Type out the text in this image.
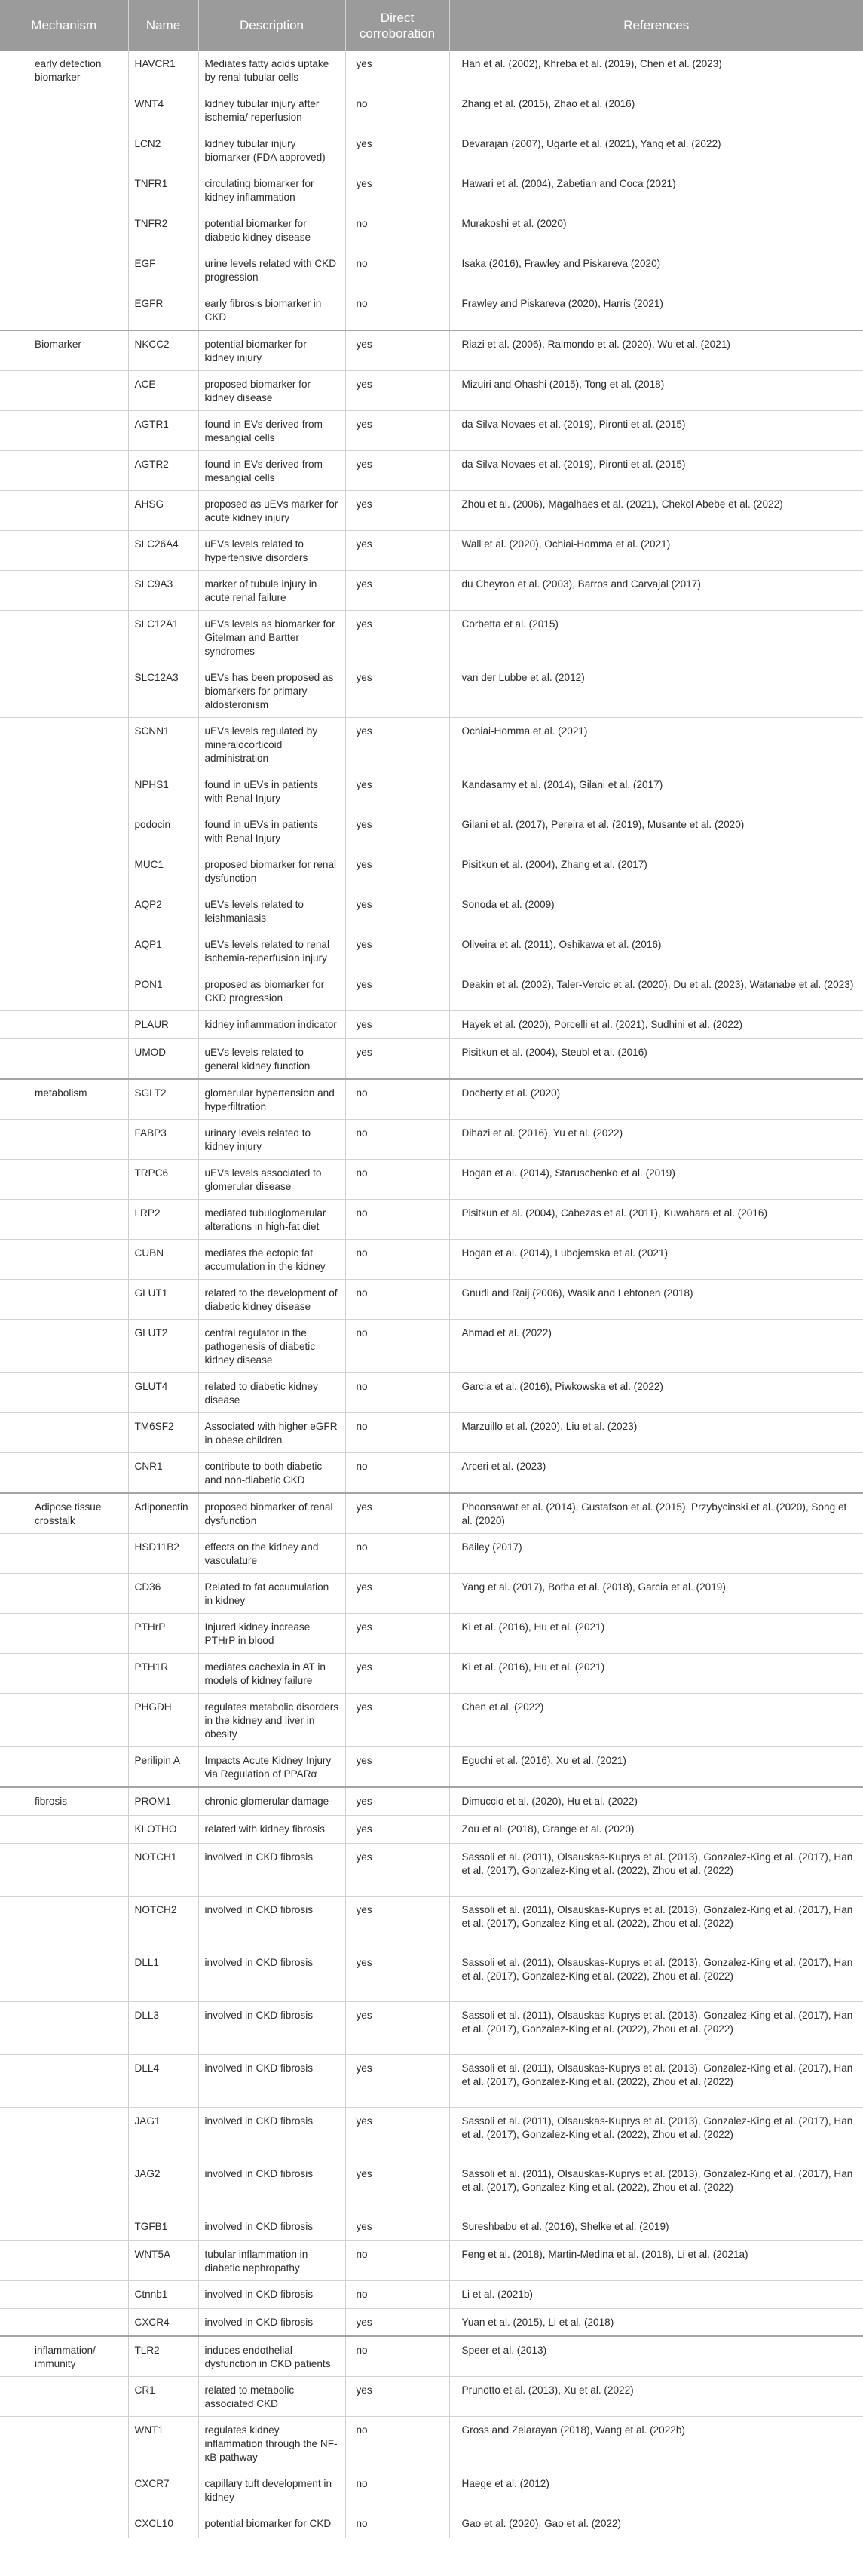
Mechanism	Name	Description	Direct corroboration	References
early detection biomarker	HAVCR1	Mediates fatty acids uptake by renal tubular cells	yes	Han et al. (2002), Khreba et al. (2019), Chen et al. (2023)
	WNT4	kidney tubular injury after ischemia/ reperfusion	no	Zhang et al. (2015), Zhao et al. (2016)
	LCN2	kidney tubular injury biomarker (FDA approved)	yes	Devarajan (2007), Ugarte et al. (2021), Yang et al. (2022)
	TNFR1	circulating biomarker for kidney inflammation	yes	Hawari et al. (2004), Zabetian and Coca (2021)
	TNFR2	potential biomarker for diabetic kidney disease	no	Murakoshi et al. (2020)
	EGF	urine levels related with CKD progression	no	Isaka (2016), Frawley and Piskareva (2020)
	EGFR	early fibrosis biomarker in CKD	no	Frawley and Piskareva (2020), Harris (2021)
Biomarker	NKCC2	potential biomarker for kidney injury	yes	Riazi et al. (2006), Raimondo et al. (2020), Wu et al. (2021)
	ACE	proposed biomarker for kidney disease	yes	Mizuiri and Ohashi (2015), Tong et al. (2018)
	AGTR1	found in EVs derived from mesangial cells	yes	da Silva Novaes et al. (2019), Pironti et al. (2015)
	AGTR2	found in EVs derived from mesangial cells	yes	da Silva Novaes et al. (2019), Pironti et al. (2015)
	AHSG	proposed as uEVs marker for acute kidney injury	yes	Zhou et al. (2006), Magalhaes et al. (2021), Chekol Abebe et al. (2022)
	SLC26A4	uEVs levels related to hypertensive disorders	yes	Wall et al. (2020), Ochiai-Homma et al. (2021)
	SLC9A3	marker of tubule injury in acute renal failure	yes	du Cheyron et al. (2003), Barros and Carvajal (2017)
	SLC12A1	uEVs levels as biomarker for Gitelman and Bartter syndromes	yes	Corbetta et al. (2015)
	SLC12A3	uEVs has been proposed as biomarkers for primary aldosteronism	yes	van der Lubbe et al. (2012)
	SCNN1	uEVs levels regulated by mineralocorticoid administration	yes	Ochiai-Homma et al. (2021)
	NPHS1	found in uEVs in patients with Renal Injury	yes	Kandasamy et al. (2014), Gilani et al. (2017)
	podocin	found in uEVs in patients with Renal Injury	yes	Gilani et al. (2017), Pereira et al. (2019), Musante et al. (2020)
	MUC1	proposed biomarker for renal dysfunction	yes	Pisitkun et al. (2004), Zhang et al. (2017)
	AQP2	uEVs levels related to leishmaniasis	yes	Sonoda et al. (2009)
	AQP1	uEVs levels related to renal ischemia-reperfusion injury	yes	Oliveira et al. (2011), Oshikawa et al. (2016)
	PON1	proposed as biomarker for CKD progression	yes	Deakin et al. (2002), Taler-Vercic et al. (2020), Du et al. (2023), Watanabe et al. (2023)
	PLAUR	kidney inflammation indicator	yes	Hayek et al. (2020), Porcelli et al. (2021), Sudhini et al. (2022)
	UMOD	uEVs levels related to general kidney function	yes	Pisitkun et al. (2004), Steubl et al. (2016)
metabolism	SGLT2	glomerular hypertension and hyperfiltration	no	Docherty et al. (2020)
	FABP3	urinary levels related to kidney injury	no	Dihazi et al. (2016), Yu et al. (2022)
	TRPC6	uEVs levels associated to glomerular disease	no	Hogan et al. (2014), Staruschenko et al. (2019)
	LRP2	mediated tubuloglomerular alterations in high-fat diet	no	Pisitkun et al. (2004), Cabezas et al. (2011), Kuwahara et al. (2016)
	CUBN	mediates the ectopic fat accumulation in the kidney	no	Hogan et al. (2014), Lubojemska et al. (2021)
	GLUT1	related to the development of diabetic kidney disease	no	Gnudi and Raij (2006), Wasik and Lehtonen (2018)
	GLUT2	central regulator in the pathogenesis of diabetic kidney disease	no	Ahmad et al. (2022)
	GLUT4	related to diabetic kidney disease	no	Garcia et al. (2016), Piwkowska et al. (2022)
	TM6SF2	Associated with higher eGFR in obese children	no	Marzuillo et al. (2020), Liu et al. (2023)
	CNR1	contribute to both diabetic and non-diabetic CKD	no	Arceri et al. (2023)
Adipose tissue crosstalk	Adiponectin	proposed biomarker of renal dysfunction	yes	Phoonsawat et al. (2014), Gustafson et al. (2015), Przybycinski et al. (2020), Song et al. (2020)
	HSD11B2	effects on the kidney and vasculature	no	Bailey (2017)
	CD36	Related to fat accumulation in kidney	yes	Yang et al. (2017), Botha et al. (2018), Garcia et al. (2019)
	PTHrP	Injured kidney increase PTHrP in blood	yes	Ki et al. (2016), Hu et al. (2021)
	PTH1R	mediates cachexia in AT in models of kidney failure	yes	Ki et al. (2016), Hu et al. (2021)
	PHGDH	regulates metabolic disorders in the kidney and liver in obesity	yes	Chen et al. (2022)
	Perilipin A	Impacts Acute Kidney Injury via Regulation of PPARα	yes	Eguchi et al. (2016), Xu et al. (2021)
fibrosis	PROM1	chronic glomerular damage	yes	Dimuccio et al. (2020), Hu et al. (2022)
	KLOTHO	related with kidney fibrosis	yes	Zou et al. (2018), Grange et al. (2020)
	NOTCH1	involved in CKD fibrosis	yes	Sassoli et al. (2011), Olsauskas-Kuprys et al. (2013), Gonzalez-King et al. (2017), Han et al. (2017), Gonzalez-King et al. (2022), Zhou et al. (2022)
	NOTCH2	involved in CKD fibrosis	yes	Sassoli et al. (2011), Olsauskas-Kuprys et al. (2013), Gonzalez-King et al. (2017), Han et al. (2017), Gonzalez-King et al. (2022), Zhou et al. (2022)
	DLL1	involved in CKD fibrosis	yes	Sassoli et al. (2011), Olsauskas-Kuprys et al. (2013), Gonzalez-King et al. (2017), Han et al. (2017), Gonzalez-King et al. (2022), Zhou et al. (2022)
	DLL3	involved in CKD fibrosis	yes	Sassoli et al. (2011), Olsauskas-Kuprys et al. (2013), Gonzalez-King et al. (2017), Han et al. (2017), Gonzalez-King et al. (2022), Zhou et al. (2022)
	DLL4	involved in CKD fibrosis	yes	Sassoli et al. (2011), Olsauskas-Kuprys et al. (2013), Gonzalez-King et al. (2017), Han et al. (2017), Gonzalez-King et al. (2022), Zhou et al. (2022)
	JAG1	involved in CKD fibrosis	yes	Sassoli et al. (2011), Olsauskas-Kuprys et al. (2013), Gonzalez-King et al. (2017), Han et al. (2017), Gonzalez-King et al. (2022), Zhou et al. (2022)
	JAG2	involved in CKD fibrosis	yes	Sassoli et al. (2011), Olsauskas-Kuprys et al. (2013), Gonzalez-King et al. (2017), Han et al. (2017), Gonzalez-King et al. (2022), Zhou et al. (2022)
	TGFB1	involved in CKD fibrosis	yes	Sureshbabu et al. (2016), Shelke et al. (2019)
	WNT5A	tubular inflammation in diabetic nephropathy	no	Feng et al. (2018), Martin-Medina et al. (2018), Li et al. (2021a)
	Ctnnb1	involved in CKD fibrosis	no	Li et al. (2021b)
	CXCR4	involved in CKD fibrosis	yes	Yuan et al. (2015), Li et al. (2018)
inflammation/ immunity	TLR2	induces endothelial dysfunction in CKD patients	no	Speer et al. (2013)
	CR1	related to metabolic associated CKD	yes	Prunotto et al. (2013), Xu et al. (2022)
	WNT1	regulates kidney inflammation through the NF-κB pathway	no	Gross and Zelarayan (2018), Wang et al. (2022b)
	CXCR7	capillary tuft development in kidney	no	Haege et al. (2012)
	CXCL10	potential biomarker for CKD	no	Gao et al. (2020), Gao et al. (2022)
